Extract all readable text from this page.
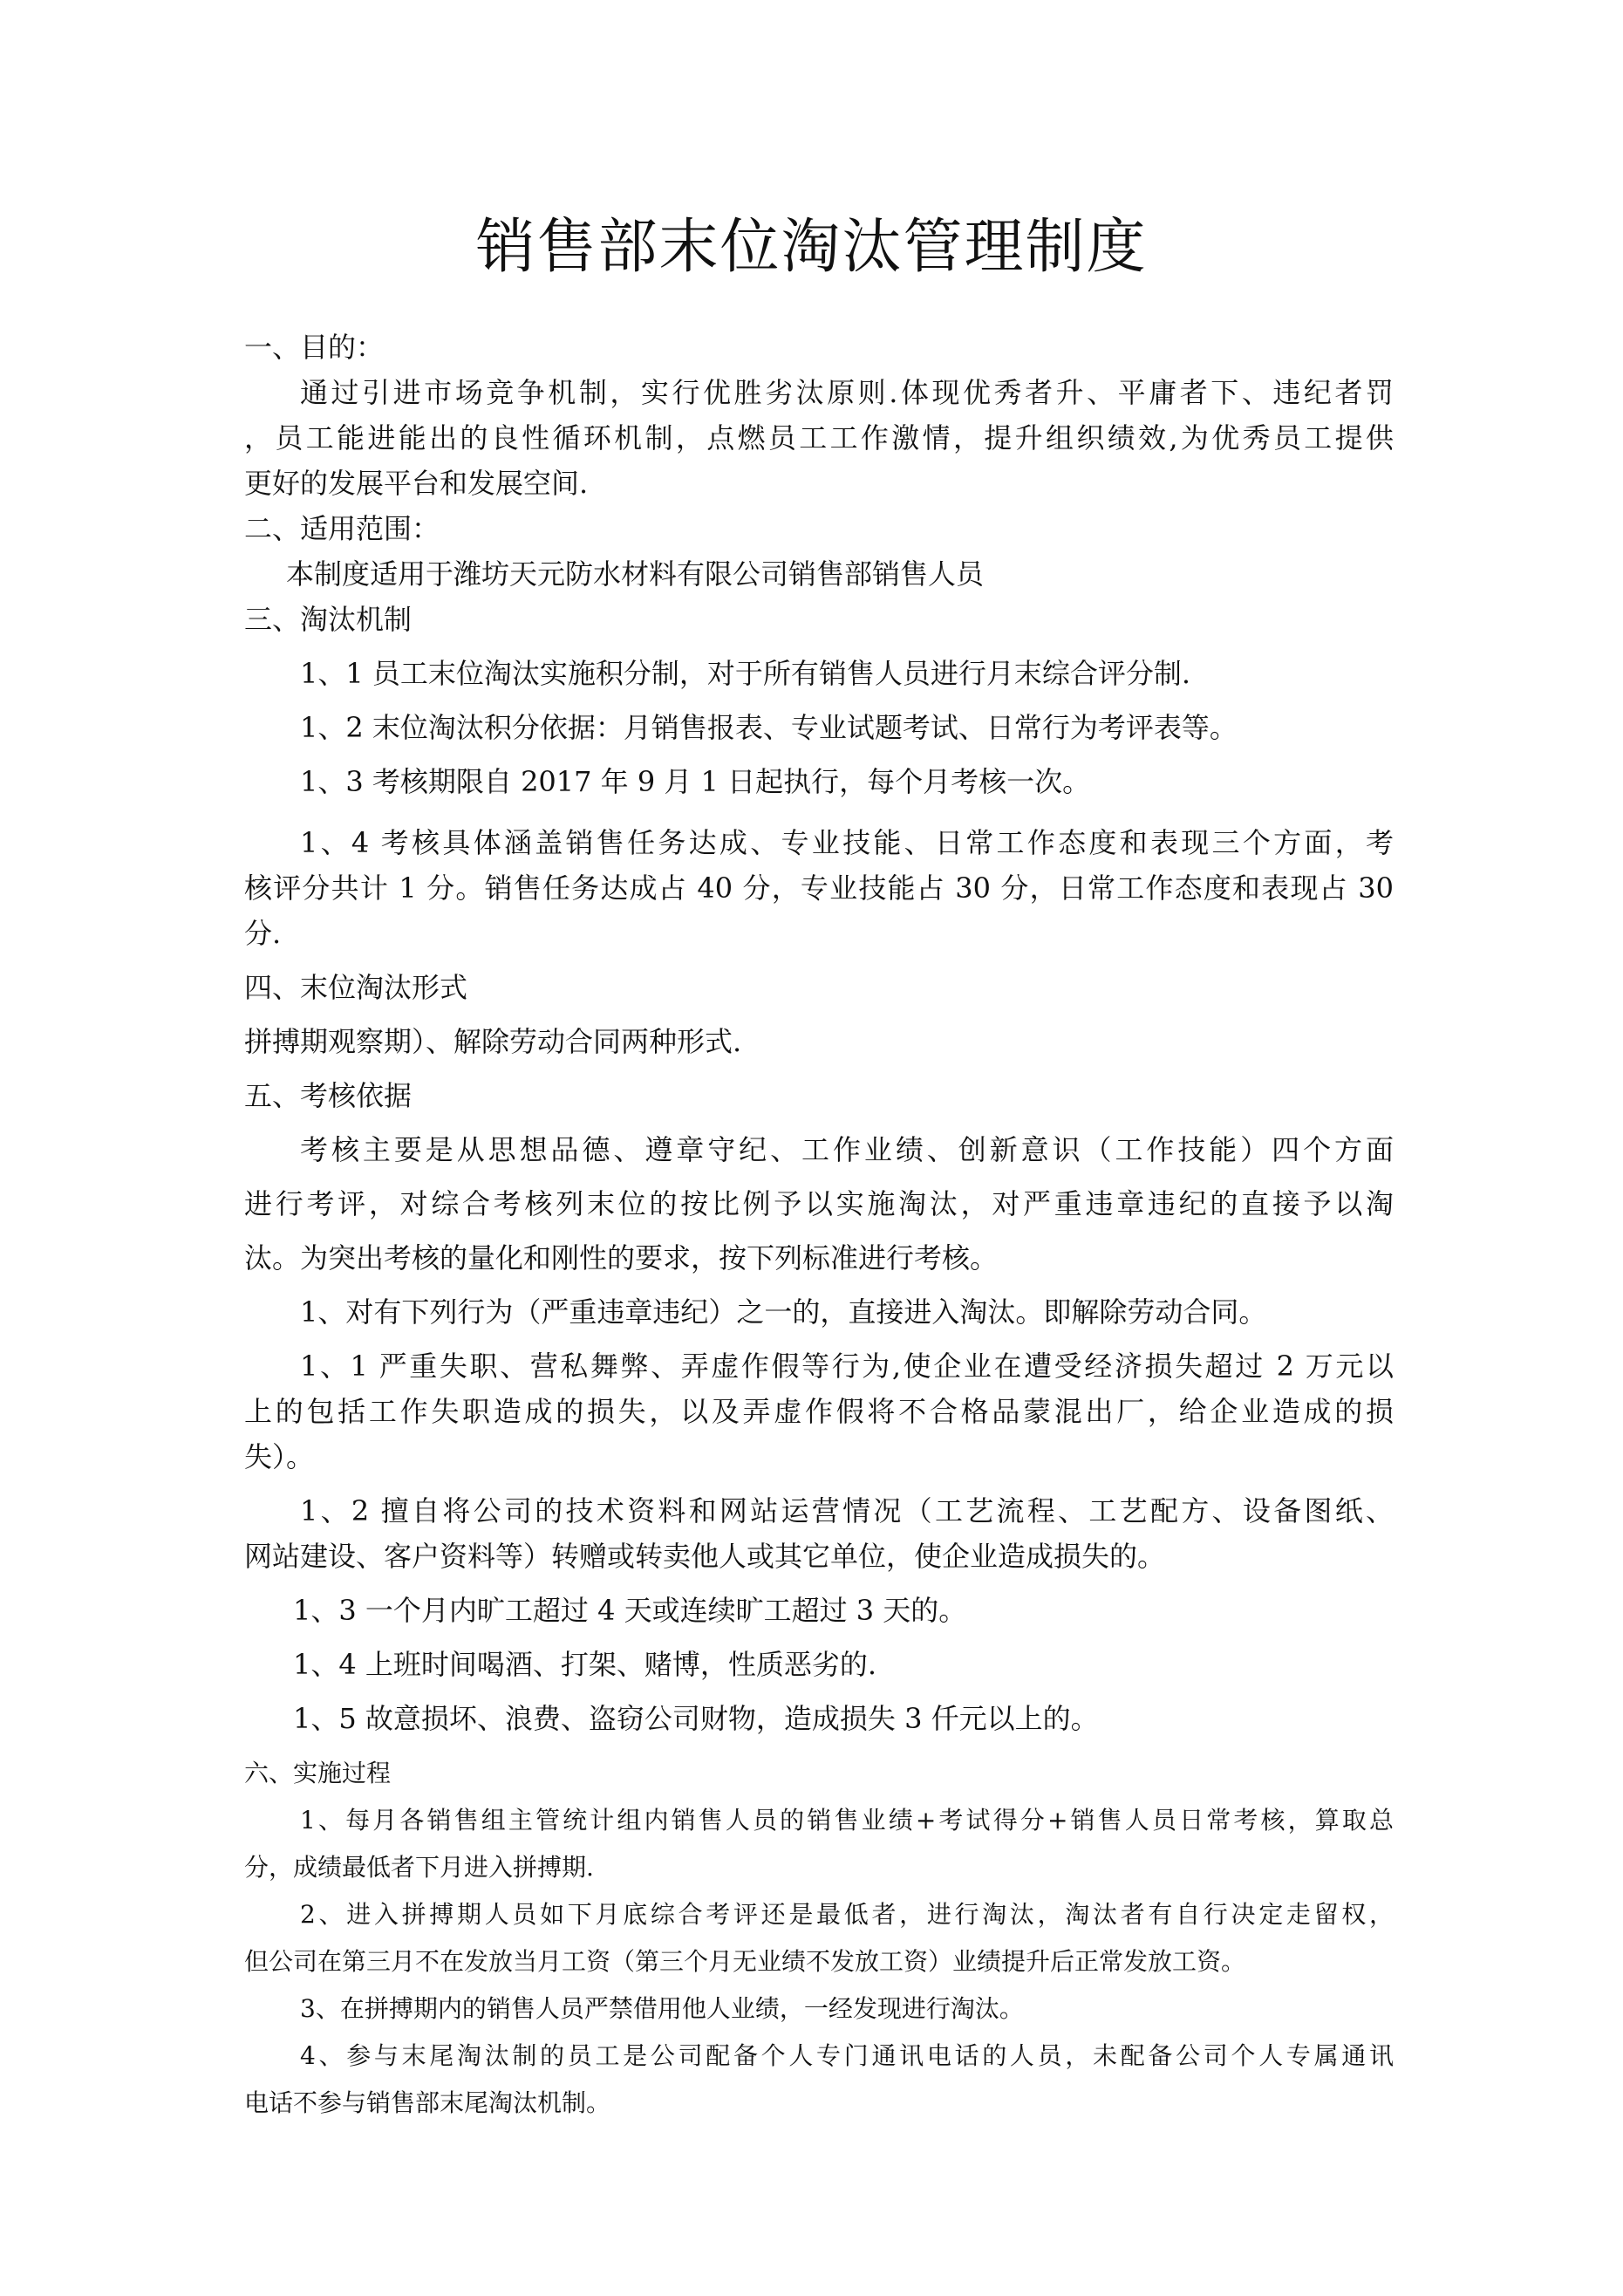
销售部末位淘汰管理制度

一、目的：

通过引进市场竞争机制，实行优胜劣汰原则.体现优秀者升、平庸者下、违纪者罚

，员工能进能出的良性循环机制，点燃员工工作激情，提升组织绩效,为优秀员工提供

更好的发展平台和发展空间.

二、适用范围：

本制度适用于潍坊天元防水材料有限公司销售部销售人员

三、淘汰机制

1、1 员工末位淘汰实施积分制，对于所有销售人员进行月末综合评分制.

1、2 末位淘汰积分依据：月销售报表、专业试题考试、日常行为考评表等。

1、3 考核期限自 2017 年 9 月 1 日起执行，每个月考核一次。

1、4 考核具体涵盖销售任务达成、专业技能、日常工作态度和表现三个方面，考

核评分共计 1 分。销售任务达成占 40 分，专业技能占 30 分，日常工作态度和表现占 30

分.

四、末位淘汰形式

拼搏期观察期）、解除劳动合同两种形式.

五、考核依据

考核主要是从思想品德、遵章守纪、工作业绩、创新意识（工作技能）四个方面

进行考评，对综合考核列末位的按比例予以实施淘汰，对严重违章违纪的直接予以淘

汰。为突出考核的量化和刚性的要求，按下列标准进行考核。

1、对有下列行为（严重违章违纪）之一的，直接进入淘汰。即解除劳动合同。

1、1 严重失职、营私舞弊、弄虚作假等行为,使企业在遭受经济损失超过 2 万元以

上的包括工作失职造成的损失，以及弄虚作假将不合格品蒙混出厂，给企业造成的损

失）。

1、2 擅自将公司的技术资料和网站运营情况（工艺流程、工艺配方、设备图纸、

网站建设、客户资料等）转赠或转卖他人或其它单位，使企业造成损失的。

1、3 一个月内旷工超过 4 天或连续旷工超过 3 天的。

1、4 上班时间喝酒、打架、赌博，性质恶劣的.

1、5 故意损坏、浪费、盗窃公司财物，造成损失 3 仟元以上的。

六、实施过程

1、每月各销售组主管统计组内销售人员的销售业绩+考试得分+销售人员日常考核，算取总

分，成绩最低者下月进入拼搏期.

2、进入拼搏期人员如下月底综合考评还是最低者，进行淘汰，淘汰者有自行决定走留权，

但公司在第三月不在发放当月工资（第三个月无业绩不发放工资）业绩提升后正常发放工资。

3、在拼搏期内的销售人员严禁借用他人业绩，一经发现进行淘汰。

4、参与末尾淘汰制的员工是公司配备个人专门通讯电话的人员，未配备公司个人专属通讯

电话不参与销售部末尾淘汰机制。
